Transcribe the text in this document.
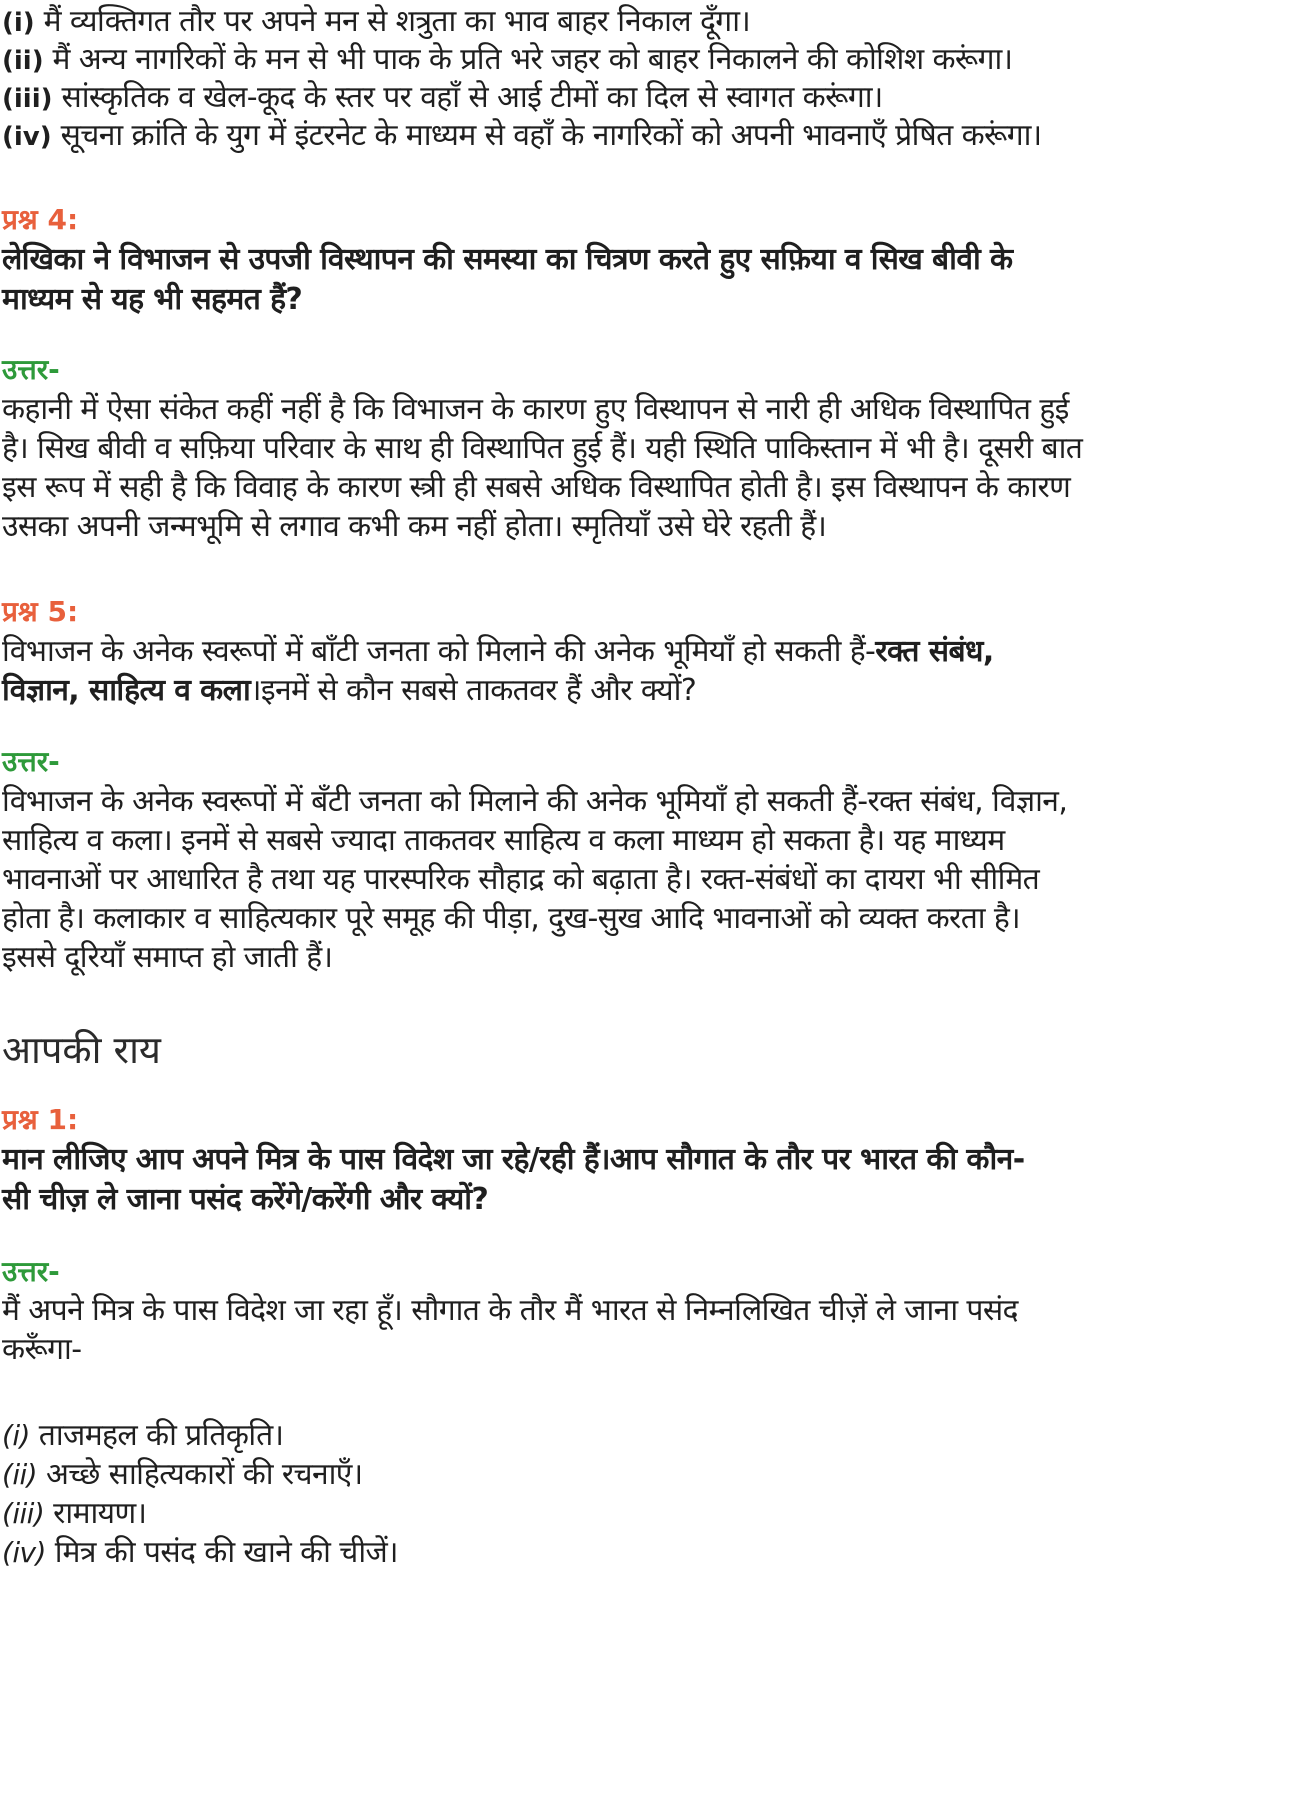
(i) मैं व्यक्तिगत तौर पर अपने मन से शत्रुता का भाव बाहर निकाल दूँगा।
(ii) मैं अन्य नागरिकों के मन से भी पाक के प्रति भरे जहर को बाहर निकालने की कोशिश करूंगा।
(iii) सांस्कृतिक व खेल-कूद के स्तर पर वहाँ से आई टीमों का दिल से स्वागत करूंगा।
(iv) सूचना क्रांति के युग में इंटरनेट के माध्यम से वहाँ के नागरिकों को अपनी भावनाएँ प्रेषित करूंगा।
प्रश्न 4:
लेखिका ने विभाजन से उपजी विस्थापन की समस्या का चित्रण करते हुए सफ़िया व सिख बीवी के
माध्यम से यह भी सहमत हैं?
उत्तर-
कहानी में ऐसा संकेत कहीं नहीं है कि विभाजन के कारण हुए विस्थापन से नारी ही अधिक विस्थापित हुई
है। सिख बीवी व सफ़िया परिवार के साथ ही विस्थापित हुई हैं। यही स्थिति पाकिस्तान में भी है। दूसरी बात
इस रूप में सही है कि विवाह के कारण स्त्री ही सबसे अधिक विस्थापित होती है। इस विस्थापन के कारण
उसका अपनी जन्मभूमि से लगाव कभी कम नहीं होता। स्मृतियाँ उसे घेरे रहती हैं।
प्रश्न 5:
विभाजन के अनेक स्वरूपों में बाँटी जनता को मिलाने की अनेक भूमियाँ हो सकती हैं-रक्त संबंध,
विज्ञान, साहित्य व कला।इनमें से कौन सबसे ताकतवर हैं और क्यों?
उत्तर-
विभाजन के अनेक स्वरूपों में बँटी जनता को मिलाने की अनेक भूमियाँ हो सकती हैं-रक्त संबंध, विज्ञान,
साहित्य व कला। इनमें से सबसे ज्यादा ताकतवर साहित्य व कला माध्यम हो सकता है। यह माध्यम
भावनाओं पर आधारित है तथा यह पारस्परिक सौहाद्र को बढ़ाता है। रक्त-संबंधों का दायरा भी सीमित
होता है। कलाकार व साहित्यकार पूरे समूह की पीड़ा, दुख-सुख आदि भावनाओं को व्यक्त करता है।
इससे दूरियाँ समाप्त हो जाती हैं।
आपकी राय
प्रश्न 1:
मान लीजिए आप अपने मित्र के पास विदेश जा रहे/रही हैं।आप सौगात के तौर पर भारत की कौन-
सी चीज़ ले जाना पसंद करेंगे/करेंगी और क्यों?
उत्तर-
मैं अपने मित्र के पास विदेश जा रहा हूँ। सौगात के तौर मैं भारत से निम्नलिखित चीज़ें ले जाना पसंद
करूँगा-
(i) ताजमहल की प्रतिकृति।
(ii) अच्छे साहित्यकारों की रचनाएँ।
(iii) रामायण।
(iv) मित्र की पसंद की खाने की चीजें।
